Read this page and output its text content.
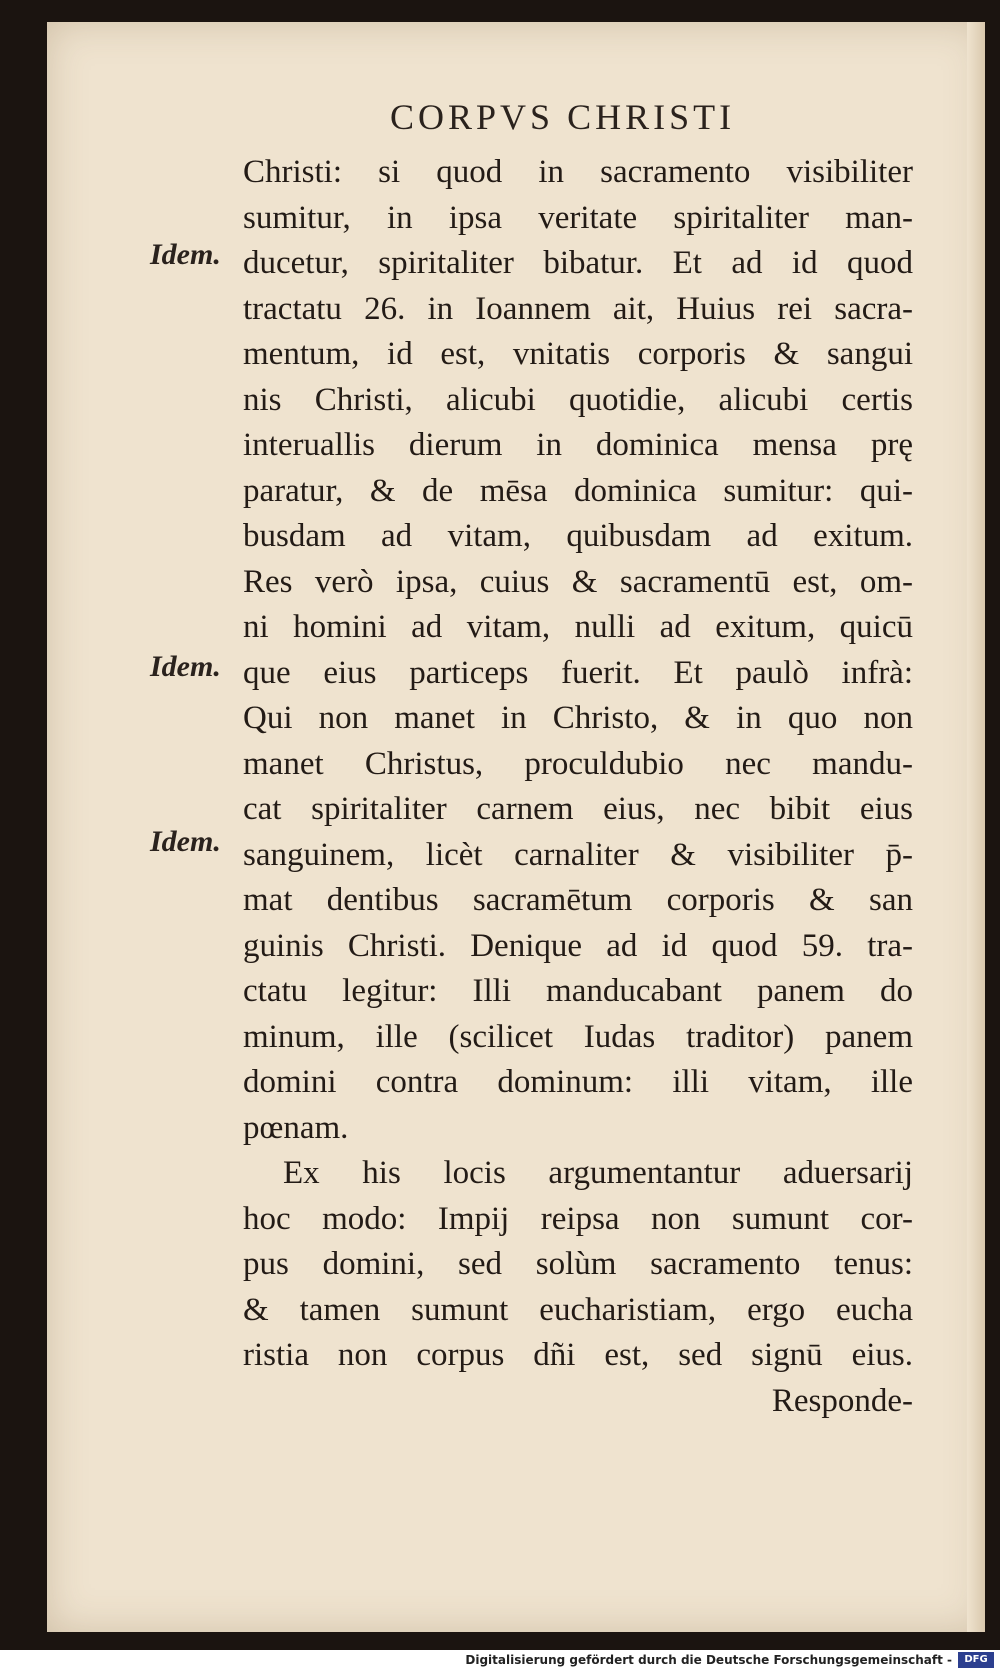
CORPVS CHRISTI
Idem.
Idem.
Idem.
Christi: si quod in sacramento visibiliter
sumitur, in ipsa veritate spiritaliter man-
ducetur, spiritaliter bibatur. Et ad id quod
tractatu 26. in Ioannem ait, Huius rei sacra-
mentum, id est, vnitatis corporis & sangui
nis Christi, alicubi quotidie, alicubi certis
interuallis dierum in dominica mensa prę
paratur, & de mēsa dominica sumitur: qui-
busdam ad vitam, quibusdam ad exitum.
Res verò ipsa, cuius & sacramentū est, om-
ni homini ad vitam, nulli ad exitum, quicū
que eius particeps fuerit. Et paulò infrà:
Qui non manet in Christo, & in quo non
manet Christus, proculdubio nec mandu-
cat spiritaliter carnem eius, nec bibit eius
sanguinem, licèt carnaliter & visibiliter p̄-
mat dentibus sacramētum corporis & san
guinis Christi. Denique ad id quod 59. tra-
ctatu legitur: Illi manducabant panem do
minum, ille (scilicet Iudas traditor) panem
domini contra dominum: illi vitam, ille
pœnam.
Ex his locis argumentantur aduersarij
hoc modo: Impij reipsa non sumunt cor-
pus domini, sed solùm sacramento tenus:
& tamen sumunt eucharistiam, ergo eucha
ristia non corpus dñi est, sed signū eius.
Responde-
Digitalisierung gefördert durch die Deutsche Forschungsgemeinschaft -	DFG
